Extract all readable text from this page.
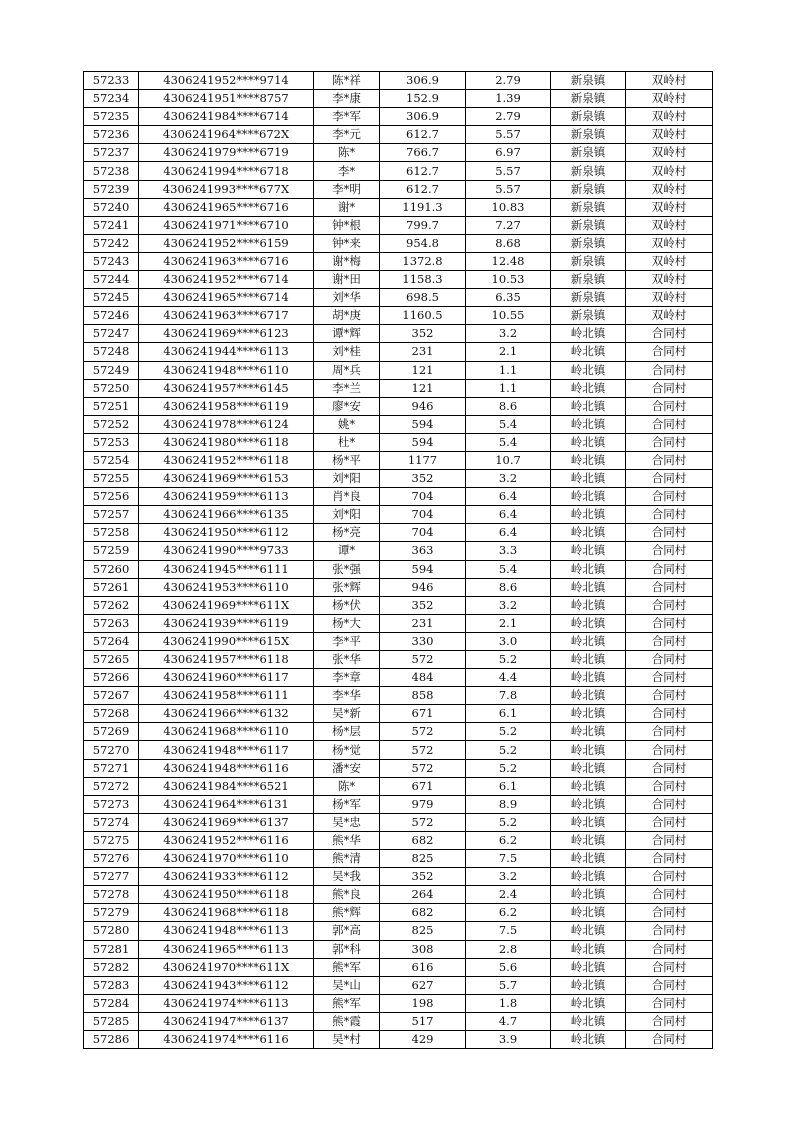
57233	4306241952****9714	陈*祥	306.9	2.79	新泉镇	双岭村
57234	4306241951****8757	李*康	152.9	1.39	新泉镇	双岭村
57235	4306241984****6714	李*军	306.9	2.79	新泉镇	双岭村
57236	4306241964****672X	李*元	612.7	5.57	新泉镇	双岭村
57237	4306241979****6719	陈*	766.7	6.97	新泉镇	双岭村
57238	4306241994****6718	李*	612.7	5.57	新泉镇	双岭村
57239	4306241993****677X	李*明	612.7	5.57	新泉镇	双岭村
57240	4306241965****6716	谢*	1191.3	10.83	新泉镇	双岭村
57241	4306241971****6710	钟*根	799.7	7.27	新泉镇	双岭村
57242	4306241952****6159	钟*来	954.8	8.68	新泉镇	双岭村
57243	4306241963****6716	谢*梅	1372.8	12.48	新泉镇	双岭村
57244	4306241952****6714	谢*田	1158.3	10.53	新泉镇	双岭村
57245	4306241965****6714	刘*华	698.5	6.35	新泉镇	双岭村
57246	4306241963****6717	胡*庚	1160.5	10.55	新泉镇	双岭村
57247	4306241969****6123	谭*辉	352	3.2	岭北镇	合同村
57248	4306241944****6113	刘*桂	231	2.1	岭北镇	合同村
57249	4306241948****6110	周*兵	121	1.1	岭北镇	合同村
57250	4306241957****6145	李*兰	121	1.1	岭北镇	合同村
57251	4306241958****6119	廖*安	946	8.6	岭北镇	合同村
57252	4306241978****6124	姚*	594	5.4	岭北镇	合同村
57253	4306241980****6118	杜*	594	5.4	岭北镇	合同村
57254	4306241952****6118	杨*平	1177	10.7	岭北镇	合同村
57255	4306241969****6153	刘*阳	352	3.2	岭北镇	合同村
57256	4306241959****6113	肖*良	704	6.4	岭北镇	合同村
57257	4306241966****6135	刘*阳	704	6.4	岭北镇	合同村
57258	4306241950****6112	杨*亮	704	6.4	岭北镇	合同村
57259	4306241990****9733	谭*	363	3.3	岭北镇	合同村
57260	4306241945****6111	张*强	594	5.4	岭北镇	合同村
57261	4306241953****6110	张*辉	946	8.6	岭北镇	合同村
57262	4306241969****611X	杨*伏	352	3.2	岭北镇	合同村
57263	4306241939****6119	杨*大	231	2.1	岭北镇	合同村
57264	4306241990****615X	李*平	330	3.0	岭北镇	合同村
57265	4306241957****6118	张*华	572	5.2	岭北镇	合同村
57266	4306241960****6117	李*章	484	4.4	岭北镇	合同村
57267	4306241958****6111	李*华	858	7.8	岭北镇	合同村
57268	4306241966****6132	吴*新	671	6.1	岭北镇	合同村
57269	4306241968****6110	杨*层	572	5.2	岭北镇	合同村
57270	4306241948****6117	杨*觉	572	5.2	岭北镇	合同村
57271	4306241948****6116	潘*安	572	5.2	岭北镇	合同村
57272	4306241984****6521	陈*	671	6.1	岭北镇	合同村
57273	4306241964****6131	杨*军	979	8.9	岭北镇	合同村
57274	4306241969****6137	吴*忠	572	5.2	岭北镇	合同村
57275	4306241952****6116	熊*华	682	6.2	岭北镇	合同村
57276	4306241970****6110	熊*清	825	7.5	岭北镇	合同村
57277	4306241933****6112	吴*我	352	3.2	岭北镇	合同村
57278	4306241950****6118	熊*良	264	2.4	岭北镇	合同村
57279	4306241968****6118	熊*辉	682	6.2	岭北镇	合同村
57280	4306241948****6113	郭*高	825	7.5	岭北镇	合同村
57281	4306241965****6113	郭*科	308	2.8	岭北镇	合同村
57282	4306241970****611X	熊*军	616	5.6	岭北镇	合同村
57283	4306241943****6112	吴*山	627	5.7	岭北镇	合同村
57284	4306241974****6113	熊*军	198	1.8	岭北镇	合同村
57285	4306241947****6137	熊*霞	517	4.7	岭北镇	合同村
57286	4306241974****6116	吴*村	429	3.9	岭北镇	合同村
